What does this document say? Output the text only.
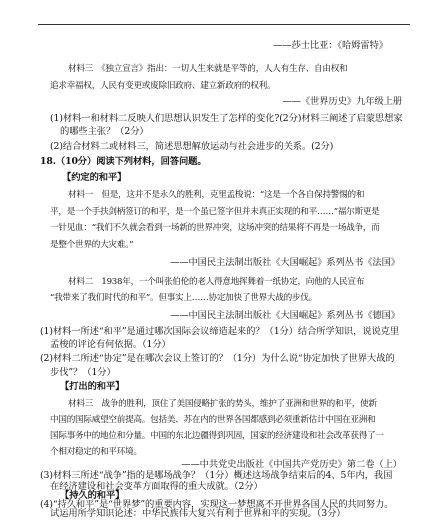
——莎士比亚：《哈姆雷特》
材料三　《独立宣言》指出：一切人生来就是平等的，人人有生存、自由权和
追求幸福权，人民有变更或废除旧政府、建立新政府的权利。
——《世界历史》九年级上册
(1)材料一和材料二反映人们思想认识发生了怎样的变化?(2分)材料三阐述了启蒙思想家
的哪些主张？（2分）
(2)结合材料二或材料三，简述思想解放运动与社会进步的关系。(2分)
18.（10分）阅读下列材料，回答问题。
【约定的和平】
材料一　但是，这并不是永久的胜利，克里孟梭说：“这是一个各自保持警惕的和
平，是一个手扶剑柄签订的和平，是一个虽已签字但并未真正实现的和平……”福尔斯更是
一针见血：“我们不久就会看到一场新的世界冲突，这场冲突的结果将不再是一场战争，而
是整个世界的大灾难。”
——中国民主法制出版社《大国崛起》系列丛书《法国》
材料二　1938年，一个叫张伯伦的老人得意地挥舞着一纸协定，向他的人民宣布
“我带来了我们时代的和平”。但事实上……协定加快了世界大战的步伐。
——中国民主法制出版社《大国崛起》系列丛书《德国》
(1)材料一所述“和平”是通过哪次国际会议缔造起来的？（1分）结合所学知识，说说克里
孟梭的评论有何依据。（1分）
(2)材料二所述“协定”是在哪次会议上签订的？（1分）为什么说“协定加快了世界大战的
步伐”？（1分）
【打出的和平】
材料三　战争的胜利，顶住了美国侵略扩张的势头，维护了亚洲和世界的和平，使新
中国的国际威望空前提高。包括美、苏在内的世界各国都感到必须重新估计中国在亚洲和
国际事务中的地位和分量。中国的东北边疆得到巩固，国家的经济建设和社会改革获得了一
个相对稳定的和平环境。
——中共党史出版社《中国共产党历史》第二卷（上）
(3)材料三所述“战争”指的是哪场战争？（1分）概述这场战争结束后的4、5年内，我国
在经济建设和社会变革方面取得的重大成就。（2分）
【持久的和平】
(4)“持久和平”是“世界梦”的重要内容，实现这一梦想离不开世界各国人民的共同努力。
试运用所学知识论述：中华民族伟大复兴有利于世界和平的实现。（3分）
